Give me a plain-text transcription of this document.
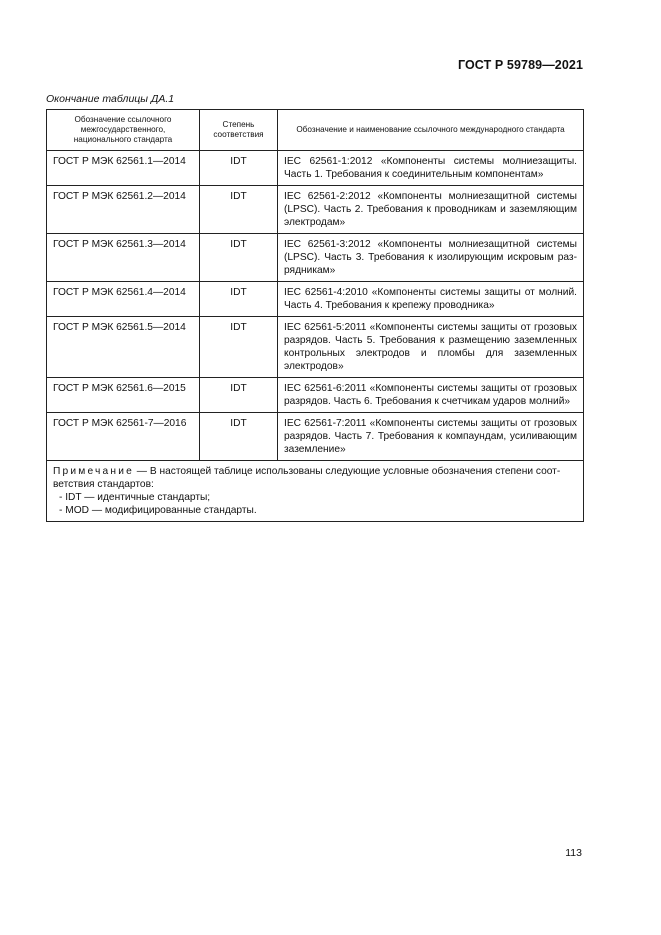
ГОСТ Р 59789—2021
Окончание таблицы ДА.1
Обозначение ссылочного межгосударственного, национального стандарта	Степень соответствия	Обозначение и наименование ссылочного международного стандарта
ГОСТ Р МЭК 62561.1—2014	IDT	IEC 62561-1:2012 «Компоненты системы молниезащиты. Часть 1. Требования к соединительным компонентам»
ГОСТ Р МЭК 62561.2—2014	IDT	IEC 62561-2:2012 «Компоненты молниезащитной системы (LPSC). Часть 2. Требования к проводникам и заземляющим электродам»
ГОСТ Р МЭК 62561.3—2014	IDT	IEC 62561-3:2012 «Компоненты молниезащитной системы (LPSC). Часть 3. Требования к изолирующим искровым разрядникам»
ГОСТ Р МЭК 62561.4—2014	IDT	IEC 62561-4:2010 «Компоненты системы защиты от молний. Часть 4. Требования к крепежу проводника»
ГОСТ Р МЭК 62561.5—2014	IDT	IEC 62561-5:2011 «Компоненты системы защиты от грозовых разрядов. Часть 5. Требования к размещению заземленных контрольных электродов и пломбы для заземленных электродов»
ГОСТ Р МЭК 62561.6—2015	IDT	IEC 62561-6:2011 «Компоненты системы защиты от грозовых разрядов. Часть 6. Требования к счетчикам ударов молний»
ГОСТ Р МЭК 62561-7—2016	IDT	IEC 62561-7:2011 «Компоненты системы защиты от грозовых разрядов. Часть 7. Требования к компаундам, усиливающим заземление»

Примечание — В настоящей таблице использованы следующие условные обозначения степени соответствия стандартов:
- IDT — идентичные стандарты;
- MOD — модифицированные стандарты.		
113
